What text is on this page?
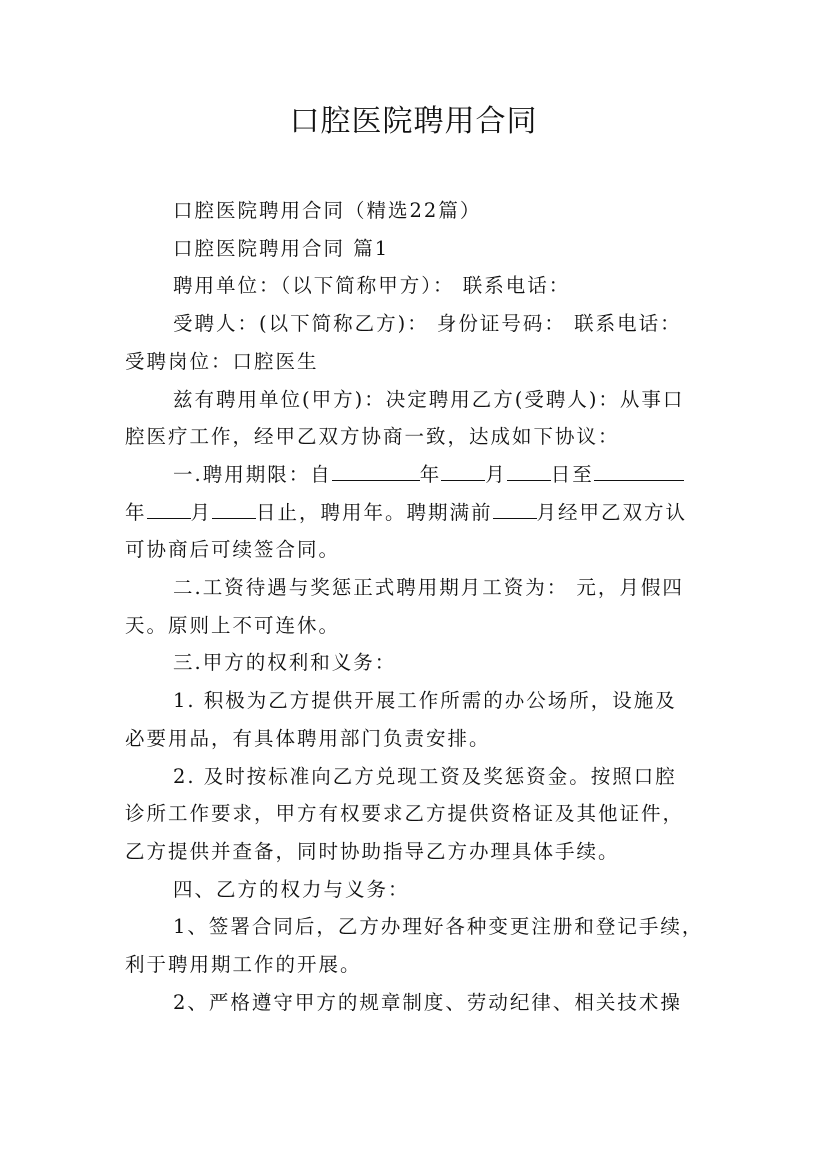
口腔医院聘用合同
口腔医院聘用合同（精选22篇）
口腔医院聘用合同 篇1
聘用单位：（以下简称甲方）： 联系电话：
受聘人：(以下简称乙方)： 身份证号码： 联系电话：
受聘岗位：口腔医生
兹有聘用单位(甲方)：决定聘用乙方(受聘人)：从事口
腔医疗工作，经甲乙双方协商一致，达成如下协议：
一.聘用期限：自	年 月 日至
年 月 日止，聘用年。聘期满前 月经甲乙双方认
可协商后可续签合同。
二.工资待遇与奖惩正式聘用期月工资为： 元，月假四
天。原则上不可连休。
三.甲方的权利和义务：
1. 积极为乙方提供开展工作所需的办公场所，设施及
必要用品，有具体聘用部门负责安排。
2. 及时按标准向乙方兑现工资及奖惩资金。按照口腔
诊所工作要求，甲方有权要求乙方提供资格证及其他证件，
乙方提供并查备，同时协助指导乙方办理具体手续。
四、乙方的权力与义务：
1、签署合同后，乙方办理好各种变更注册和登记手续，
利于聘用期工作的开展。
2、严格遵守甲方的规章制度、劳动纪律、相关技术操
